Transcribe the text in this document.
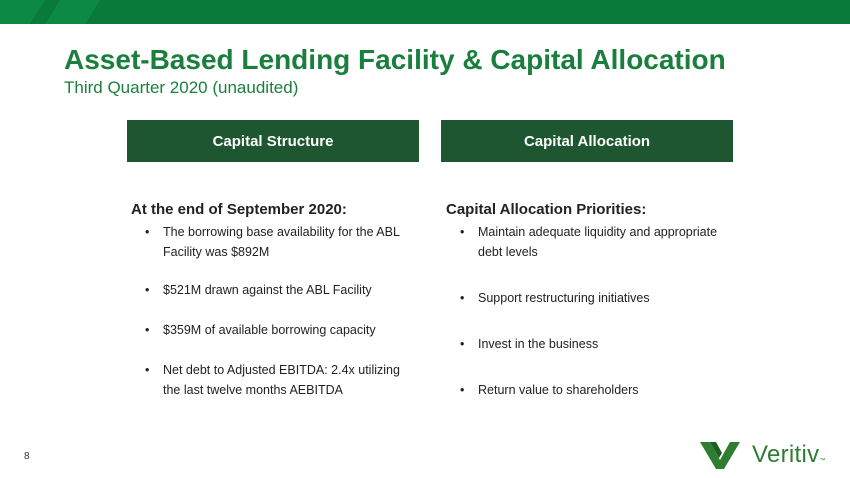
Asset-Based Lending Facility & Capital Allocation
Third Quarter 2020 (unaudited)
Capital Structure	Capital Allocation
At the end of September 2020:
• The borrowing base availability for the ABL Facility was $892M
• $521M drawn against the ABL Facility
• $359M of available borrowing capacity
• Net debt to Adjusted EBITDA: 2.4x utilizing the last twelve months AEBITDA
Capital Allocation Priorities:
• Maintain adequate liquidity and appropriate debt levels
• Support restructuring initiatives
• Invest in the business
• Return value to shareholders
8	Veritiv ™
